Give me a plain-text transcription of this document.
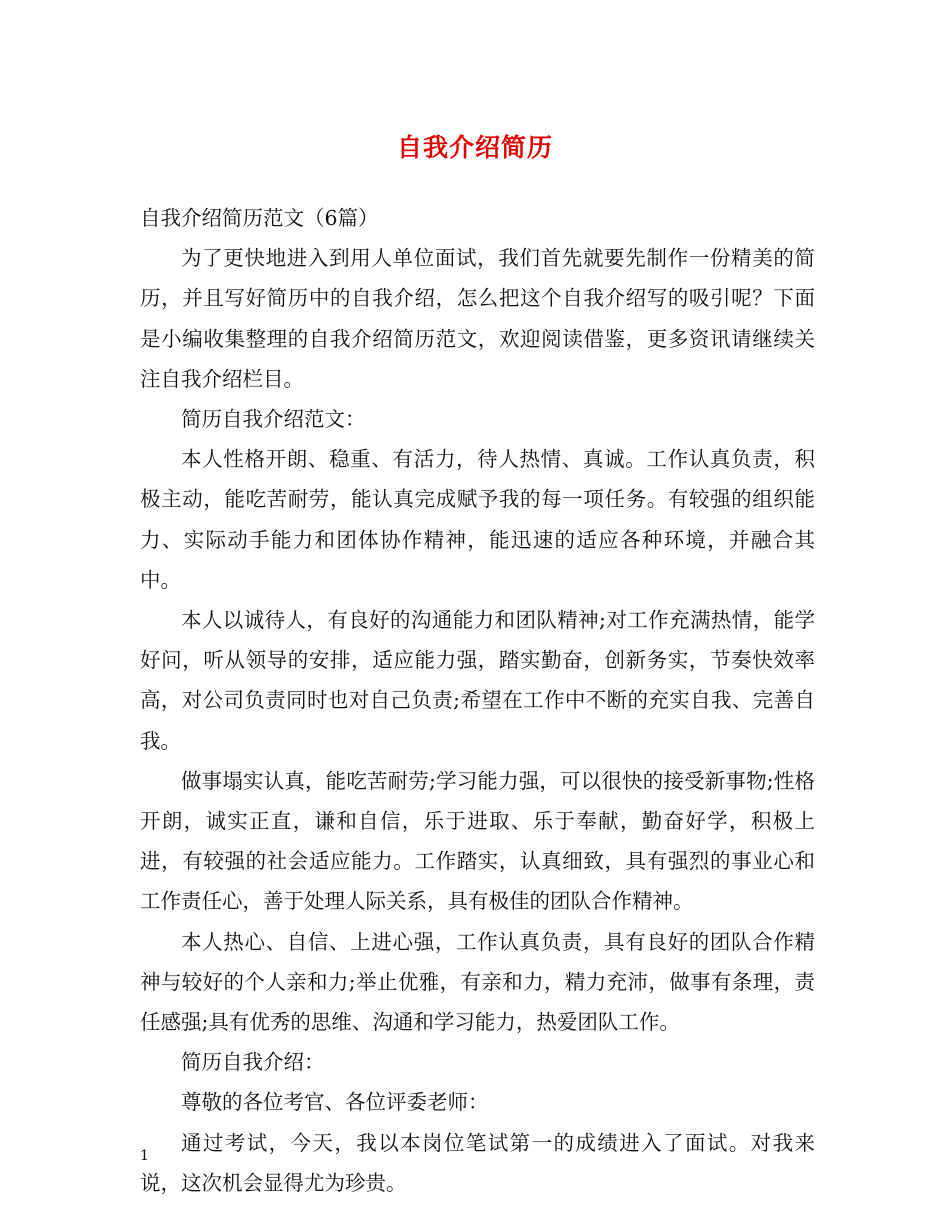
自我介绍简历

自我介绍简历范文（6篇）

为了更快地进入到用人单位面试，我们首先就要先制作一份精美的简历，并且写好简历中的自我介绍，怎么把这个自我介绍写的吸引呢？下面是小编收集整理的自我介绍简历范文，欢迎阅读借鉴，更多资讯请继续关注自我介绍栏目。

简历自我介绍范文：

本人性格开朗、稳重、有活力，待人热情、真诚。工作认真负责，积极主动，能吃苦耐劳，能认真完成赋予我的每一项任务。有较强的组织能力、实际动手能力和团体协作精神，能迅速的适应各种环境，并融合其中。

本人以诚待人，有良好的沟通能力和团队精神;对工作充满热情，能学好问，听从领导的安排，适应能力强，踏实勤奋，创新务实，节奏快效率高，对公司负责同时也对自己负责;希望在工作中不断的充实自我、完善自我。

做事塌实认真，能吃苦耐劳;学习能力强，可以很快的接受新事物;性格开朗，诚实正直，谦和自信，乐于进取、乐于奉献，勤奋好学，积极上进，有较强的社会适应能力。工作踏实，认真细致，具有强烈的事业心和工作责任心，善于处理人际关系，具有极佳的团队合作精神。

本人热心、自信、上进心强，工作认真负责，具有良好的团队合作精神与较好的个人亲和力;举止优雅，有亲和力，精力充沛，做事有条理，责任感强;具有优秀的思维、沟通和学习能力，热爱团队工作。

简历自我介绍：

尊敬的各位考官、各位评委老师：

通过考试，今天，我以本岗位笔试第一的成绩进入了面试。对我来说，这次机会显得尤为珍贵。

1
